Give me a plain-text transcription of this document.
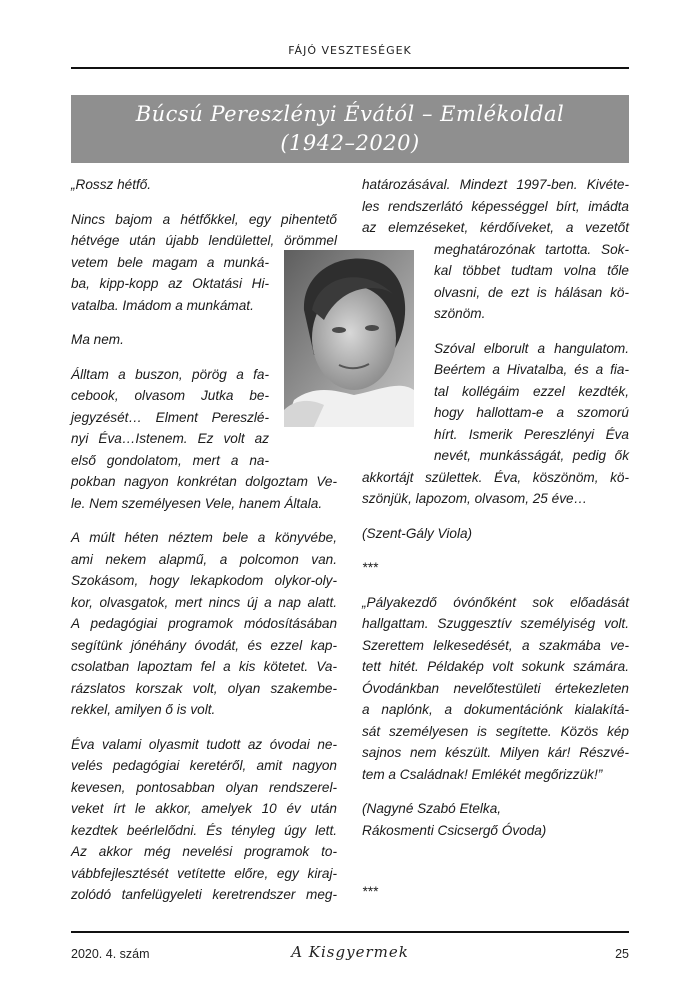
FÁJÓ VESZTESÉGEK
Búcsú Pereszlényi Évától – Emlékoldal
(1942–2020)

„Rossz hétfő.

Nincs bajom a hétfőkkel, egy pihentető
hétvége után újabb lendülettel, örömmel
vetem bele magam a munká-
ba, kipp-kopp az Oktatási Hi-
vatalba. Imádom a munkámat.

Ma nem.

Álltam a buszon, pörög a fa-
cebook, olvasom Jutka be-
jegyzését… Elment Pereszlé-
nyi Éva…Istenem. Ez volt az
első gondolatom, mert a na-
pokban nagyon konkrétan dolgoztam Ve-
le. Nem személyesen Vele, hanem Általa.

A múlt héten néztem bele a könyvébe,
ami nekem alapmű, a polcomon van.
Szokásom, hogy lekapkodom olykor-oly-
kor, olvasgatok, mert nincs új a nap alatt.
A pedagógiai programok módosításában
segítünk jónéhány óvodát, és ezzel kap-
csolatban lapoztam fel a kis kötetet. Va-
rázslatos korszak volt, olyan szakembe-
rekkel, amilyen ő is volt.

Éva valami olyasmit tudott az óvodai ne-
velés pedagógiai keretéről, amit nagyon
kevesen, pontosabban olyan rendszerel-
veket írt le akkor, amelyek 10 év után
kezdtek beérlelődni. És tényleg úgy lett.
Az akkor még nevelési programok to-
vábbfejlesztését vetítette előre, egy kiraj-
zolódó tanfelügyeleti keretrendszer meg-

határozásával. Mindezt 1997-ben. Kivéte-
les rendszerlátó képességgel bírt, imádta
az elemzéseket, kérdőíveket, a vezetőt
meghatározónak tartotta. Sok-
kal többet tudtam volna tőle
olvasni, de ezt is hálásan kö-
szönöm.

Szóval elborult a hangulatom.
Beértem a Hivatalba, és a fia-
tal kollégáim ezzel kezdték,
hogy hallottam-e a szomorú
hírt. Ismerik Pereszlényi Éva
nevét, munkásságát, pedig ők
akkortájt születtek. Éva, köszönöm, kö-
szönjük, lapozom, olvasom, 25 éve…

(Szent-Gály Viola)

***

„Pályakezdő óvónőként sok előadását
hallgattam. Szuggesztív személyiség volt.
Szerettem lelkesedését, a szakmába ve-
tett hitét. Példakép volt sokunk számára.
Óvodánkban nevelőtestületi értekezleten
a naplónk, a dokumentációnk kialakítá-
sát személyesen is segítette. Közös kép
sajnos nem készült. Milyen kár! Részvé-
tem a Családnak! Emlékét megőrizzük!”

(Nagyné Szabó Etelka,
Rákosmenti Csicsergő Óvoda)

***

2020. 4. szám	A Kisgyermek	25
